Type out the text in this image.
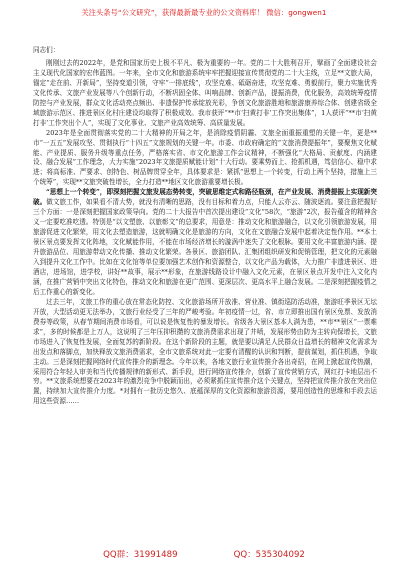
关注头条号“公文研究”，获得最新最专业的公文资料库！ 微信：gongwen1

同志们：

刚刚过去的2022年，是党和国家历史上极不平凡、极为重要的一年。党的二十大胜利召开，擘画了全面建设社会主义现代化国家的宏伟蓝图。一年来，全市文化和旅游系统牢牢把握迎接宣传贯彻党的二十大主线，立足**文旅大局，锚定“走在前、开新局”，坚持变道引领，守牢“一排底线”，攻坚克难、砥砺奋进，攻坚克难、勇毅前行，聚力实施优秀文化传承、文旅产业发展等八个创新行动，不断巩固全体、叫响品牌、创新产品，提振消费，优化服务，高效统筹疫情防控与产业发展，群众文化活动亮点频出、非遗保护传承绽放光彩，争创文化旅游胜地和旅游康养综合体、创建省级全域旅游示范区、推进景区化村庄建设均取得了积极成效。我市获评“**市‘扫黄打非’工作突出集体”，1人获评“**市‘扫黄打非’工作突出个人”，实现了文化事业、文旅产业高效统筹、高质量发展。

2023年是全面贯彻落实党的二十大精神的开局之年，是消除疫情阴霾、文旅全面重振重塑的关键一年，更是**市“一五五”发展攻坚、贯彻执行“十四五”文旅规划的关键一年。市委、市政府确定的“文旅消费提振年”，要聚焦文化赋能、产业提质、服务升级等重点任务，严格落实省、市文化旅游工作会议精神，不断强化“大格局、贡献度、内涵建设、融合发展”工作理念，大力实施“2023年文旅提质赋能计划”十大行动。要乘势而上、抢抓机遇，笃信信心、稳中求进；将高标准、严要求、创特色、树品牌贯穿全年，具体要求是：紧抓“思想上一个转变，行动上两个坚持，措施上三个统筹”，实现**文旅突破性增长，全力打造**地区文化旅游重要增长极。

“思想上一个转变”，即深刻把握文旅发展态势转变，突破思维定式和路径瓶颈，在产业发展、消费提振上实现新突破。做文旅工作，如果看不清大势，就没有清晰的思路，没有目标和着力点，只能人云亦云、随波逐流。要注意把握好三个方面：一是深刻把握国家政策导向。党的二十大报告中首次提出建设“文化”58次，“旅游”2次，报告蕴含的精神含义一定要吃准吃透。特别是“以文塑旅、以旅彰文”的总要求，用意是：推动文化和旅游融合，以文化引领旅游发展，用旅游促进文化繁荣，用文化去塑造旅游，这就明确文化是旅游的方向，文化在文旅融合发展中起着决定性作用。**本土景区景点要发挥文化阵地，文化赋能作用，不能在市场经济增长的漩涡中迷失了文化根脉。要用文化丰富旅游内涵、提升旅游品位、用旅游带动文化传播、推动文化繁荣。各景区、旅游团队、汇集团组织研发和促销管理，把文化的元素融入到提升文化工作中。比如在文化馆等单位要加强艺术创作和资源整合，以文化产品为载体，大力推广非遗进景区、进酒店，进场馆，进学校，讲好**故事，展示**形象，在旅游线路设计中融入文化元素，在景区景点开发中注入文化内涵，在推广营销中突出文化特色，推动文化和旅游在更广范围、更深层次、更高水平上融合发展。二是深刻把握疫情之后工作重心的新变化。

过去三年，文旅工作的重心放在常态化防控、文化旅游场所开放准、营业准、镇街巡防活动准，旅游旺季景区无坛开放，大型活动更无法举办，文旅行业经受了三年的严峻考验。年初疫情一过，省、市立即推出国有景区免票、发放消费券等政策，从春节期间消费市场看，可以说是恢复性的暴发增长。省级各大景区基本人满为患，**市**景区“一票难求”，多的时候都是上万人，这说明了三年压抑积攒的文旅消费需求出现了井喷，发展形势由防为主转向保增长，文旅市场进入了恢复性发展，全面复苏的新阶段。在这个新阶段的主题，就是要以满足人民群众日益增长的精神文化需求为出发点和落脚点，加快释放文旅消费需求，全市文旅系统对此一定要有清醒的认识和判断，提前谋划，抓住机遇，争取主动。三是深刻把握网络时代宣传推介的新理念。今年以来，各地文旅行业宣传推介各出奇招，在网上掀起宣传热潮，采用符合年轻人审美和当代传播规律的新形式、新手段，进行网络宣传推介，创新了宣传营销方式，网红打卡地层出不穷。**文旅系统想要在2023年的激烈竞争中脱颖而出，必须紧抓住宣传推介这个关键点，坚持把宣传推介放在突出位置，持续加大宣传推介力度。*对拥有一批历史悠久、底蕴深厚的文化资源和旅游资源，要用创造性的思维和手段去运用这些资源……

QQ群：31991489	QQ：535304092
